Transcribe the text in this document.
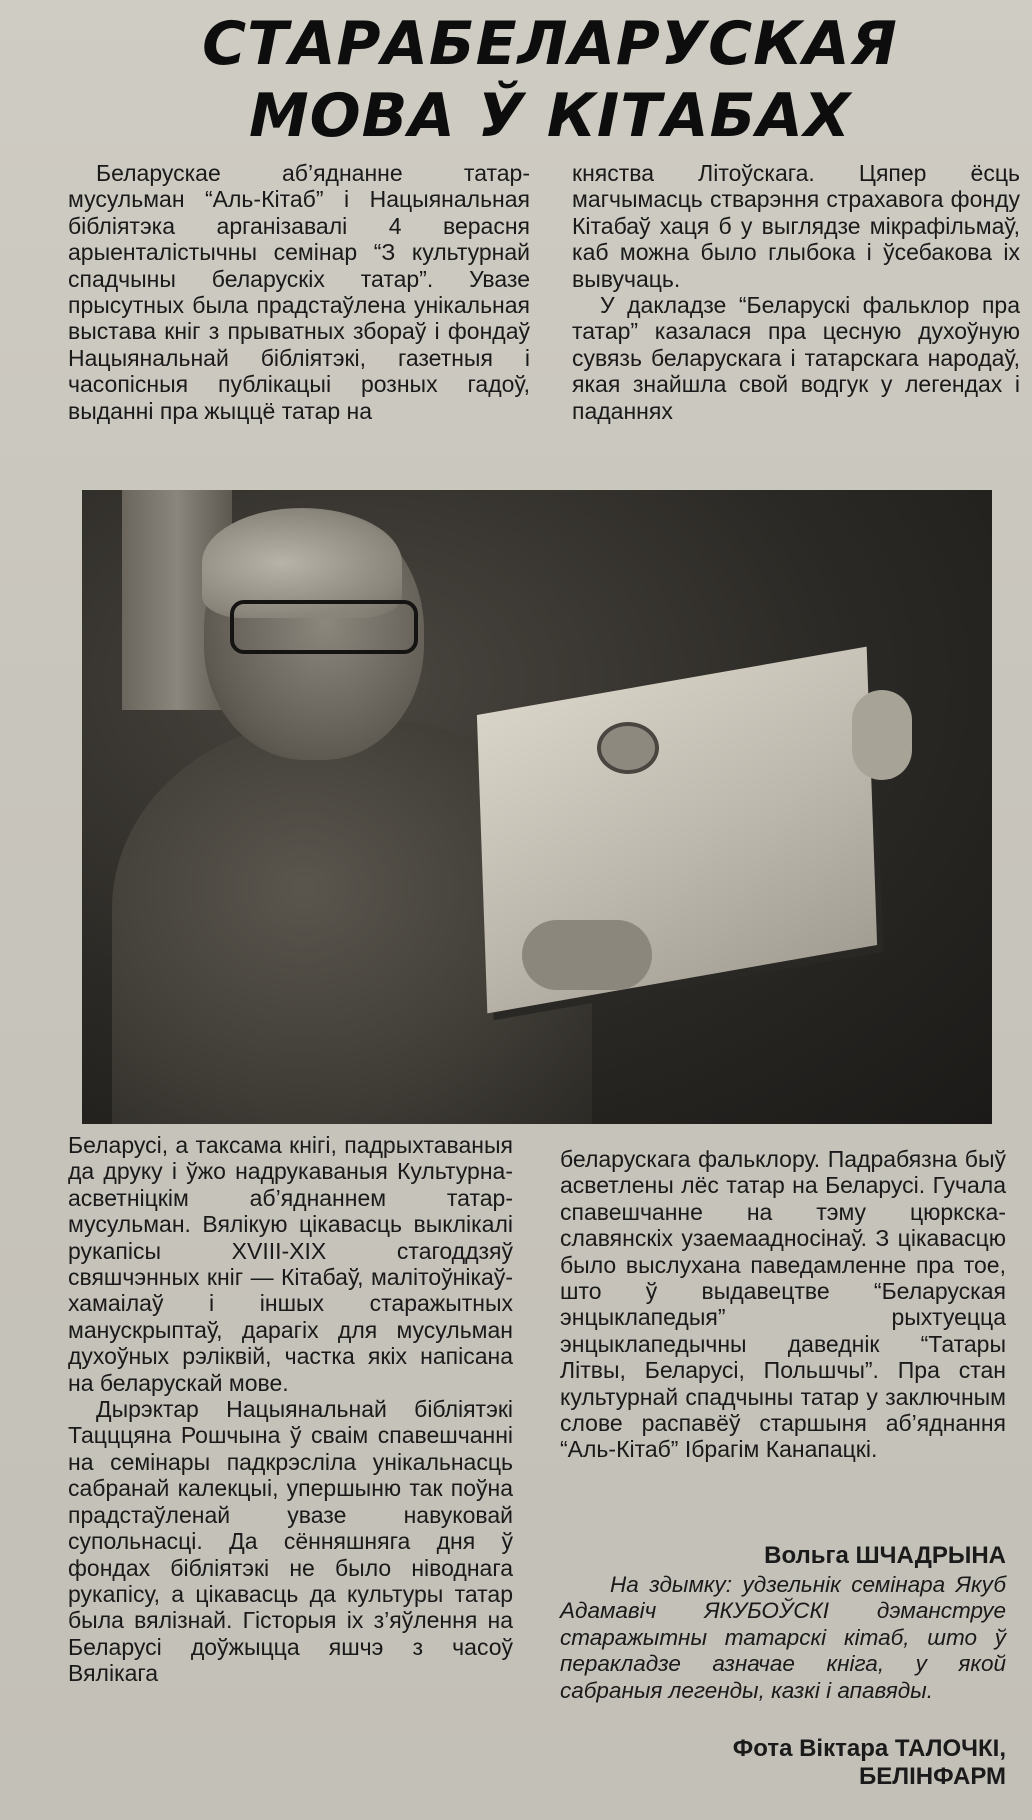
СТАРАБЕЛАРУСКАЯ
МОВА Ў КІТАБАХ

Беларускае аб’яднанне татар-мусульман “Аль-Кітаб” і Нацыянальная бібліятэка арганізавалі 4 верасня арыенталістычны семінар “З культурнай спадчыны беларускіх татар”. Увазе прысутных была прадстаўлена унікальная выстава кніг з прыватных збораў і фондаў Нацыянальнай бібліятэкі, газетныя і часопісныя публікацыі розных гадоў, выданні пра жыццё татар на

княства Літоўскага. Цяпер ёсць магчымасць стварэння страхавога фонду Кітабаў хаця б у выглядзе мікрафільмаў, каб можна было глыбока і ўсебакова іх вывучаць.

У дакладзе “Беларускі фальклор пра татар” казалася пра цесную духоўную сувязь беларускага і татарскага народаў, якая знайшла свой водгук у легендах і паданнях

Беларусі, а таксама кнігі, падрыхтаваныя да друку і ўжо надрукаваныя Культурна-асветніцкім аб’яднаннем татар-мусульман. Вялікую цікавасць выклікалі рукапісы XVIII-XIX стагоддзяў свяшчэнных кніг — Кітабаў, малітоўнікаў-хамаілаў і іншых старажытных манускрыптаў, дарагіх для мусульман духоўных рэліквій, частка якіх напісана на беларускай мове.

Дырэктар Нацыянальнай бібліятэкі Тацццяна Рошчына ў сваім спавешчанні на семінары падкрэсліла унікальнасць сабранай калекцыі, упершыню так поўна прадстаўленай увазе навуковай супольнасці. Да сённяшняга дня ў фондах бібліятэкі не было ніводнага рукапісу, а цікавасць да культуры татар была вялізнай. Гісторыя іх з’яўлення на Беларусі доўжыцца яшчэ з часоў Вялікага

беларускага фальклору. Падрабязна быў асветлены лёс татар на Беларусі. Гучала спавешчанне на тэму цюркска-славянскіх узаемаадносінаў. З цікавасцю было выслухана паведамленне пра тое, што ў выдавецтве “Беларуская энцыклапедыя” рыхтуецца энцыклапедычны даведнік “Татары Літвы, Беларусі, Польшчы”. Пра стан культурнай спадчыны татар у заключным слове распавёў старшыня аб’яднання “Аль-Кітаб” Ібрагім Канапацкі.

Вольга ШЧАДРЫНА
На здымку: удзельнік семінара Якуб Адамавіч ЯКУБОЎСКІ дэманструе старажытны татарскі кітаб, што ў перакладзе азначае кніга, у якой сабраныя легенды, казкі і апавяды.
Фота Віктара ТАЛОЧКІ,
БЕЛІНФАРМ
